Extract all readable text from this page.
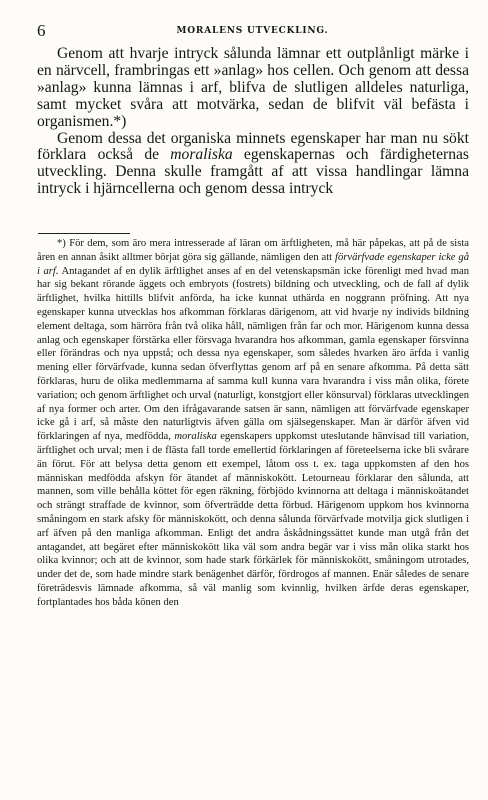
6	MORALENS UTVECKLING.

Genom att hvarje intryck sålunda lämnar ett outplånligt märke i en närvcell, frambringas ett »anlag» hos cellen. Och genom att dessa »anlag» kunna lämnas i arf, blifva de slutligen alldeles naturliga, samt mycket svåra att motvärka, sedan de blifvit väl befästa i organismen.*)

Genom dessa det organiska minnets egenskaper har man nu sökt förklara också de moraliska egenskapernas och färdigheternas utveckling. Denna skulle framgått af att vissa handlingar lämna intryck i hjärncellerna och genom dessa intryck

*) För dem, som äro mera intresserade af läran om ärftligheten, må här påpekas, att på de sista åren en annan åsikt alltmer börjat göra sig gällande, nämligen den att förvärfvade egenskaper icke gå i arf. Antagandet af en dylik ärftlighet anses af en del vetenskapsmän icke förenligt med hvad man har sig bekant rörande äggets och embryots (fostrets) bildning och utveckling, och de fall af dylik ärftlighet, hvilka hittills blifvit anförda, ha icke kunnat uthärda en noggrann pröfning. Att nya egenskaper kunna utvecklas hos afkomman förklaras därigenom, att vid hvarje ny individs bildning element deltaga, som härröra från två olika håll, nämligen från far och mor. Härigenom kunna dessa anlag och egenskaper förstärka eller försvaga hvarandra hos afkomman, gamla egenskaper försvinna eller förändras och nya uppstå; och dessa nya egenskaper, som således hvarken äro ärfda i vanlig mening eller förvärfvade, kunna sedan öfverflyttas genom arf på en senare afkomma. På detta sätt förklaras, huru de olika medlemmarna af samma kull kunna vara hvarandra i viss mån olika, förete variation; och genom ärftlighet och urval (naturligt, konstgjort eller könsurval) förklaras utvecklingen af nya former och arter. Om den ifrågavarande satsen är sann, nämligen att förvärfvade egenskaper icke gå i arf, så måste den naturligtvis äfven gälla om själsegenskaper. Man är därför äfven vid förklaringen af nya, medfödda, moraliska egenskapers uppkomst uteslutande hänvisad till variation, ärftlighet och urval; men i de flästa fall torde emellertid förklaringen af företeelserna icke bli svårare än förut. För att belysa detta genom ett exempel, låtom oss t. ex. taga uppkomsten af den hos människan medfödda afskyn för ätandet af människokött. Letourneau förklarar den sålunda, att mannen, som ville behålla köttet för egen räkning, förbjödo kvinnorna att deltaga i människoätandet och strängt straffade de kvinnor, som öfverträdde detta förbud. Härigenom uppkom hos kvinnorna småningom en stark afsky för människokött, och denna sålunda förvärfvade motvilja gick slutligen i arf äfven på den manliga afkomman. Enligt det andra åskådningssättet kunde man utgå från det antagandet, att begäret efter människokött lika väl som andra begär var i viss mån olika starkt hos olika kvinnor; och att de kvinnor, som hade stark förkärlek för människokött, småningom utrotades, under det de, som hade mindre stark benägenhet därför, fördrogos af mannen. Enär således de senare företrädesvis lämnade afkomma, så väl manlig som kvinnlig, hvilken ärfde deras egenskaper, fortplantades hos båda könen den
